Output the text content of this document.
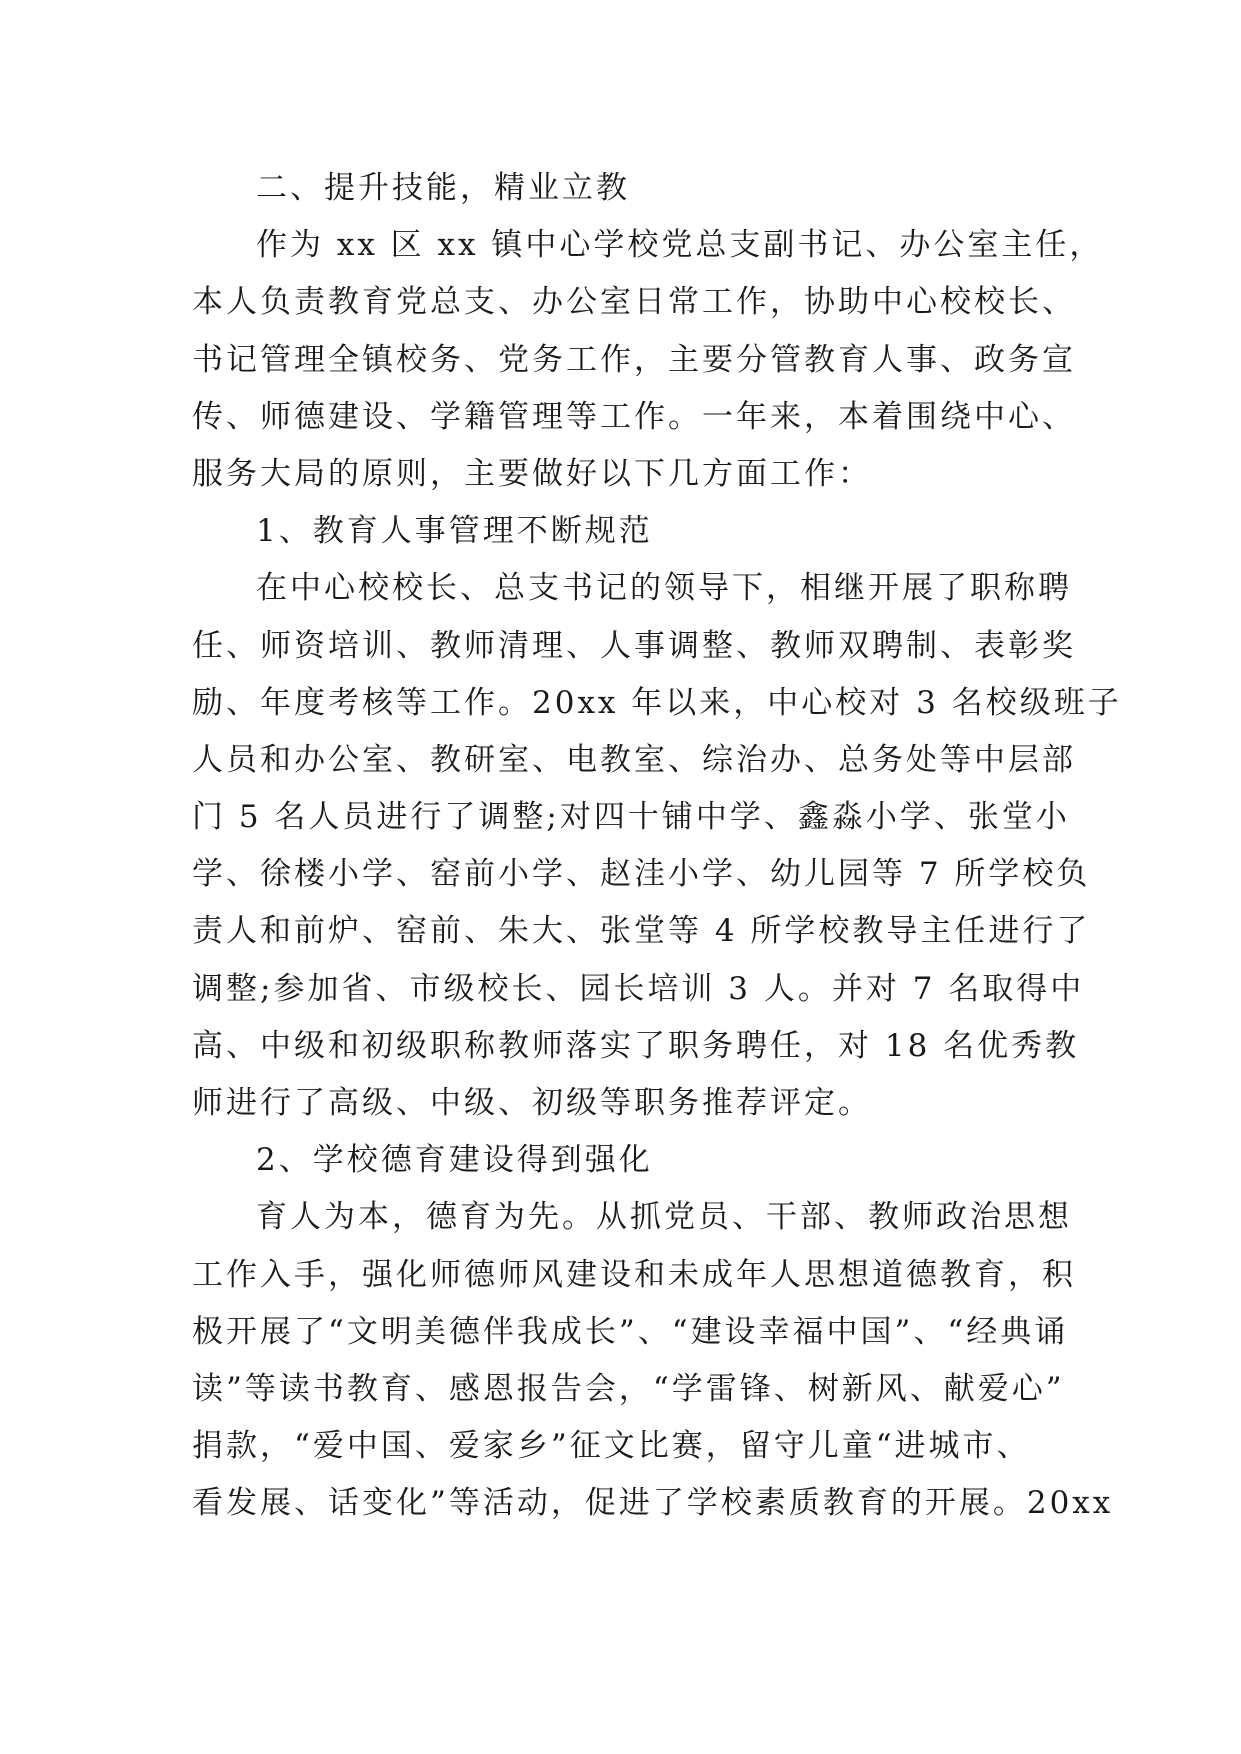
二、提升技能，精业立教
作为 xx 区 xx 镇中心学校党总支副书记、办公室主任，
本人负责教育党总支、办公室日常工作，协助中心校校长、
书记管理全镇校务、党务工作，主要分管教育人事、政务宣
传、师德建设、学籍管理等工作。一年来，本着围绕中心、
服务大局的原则，主要做好以下几方面工作：
1、教育人事管理不断规范
在中心校校长、总支书记的领导下，相继开展了职称聘
任、师资培训、教师清理、人事调整、教师双聘制、表彰奖
励、年度考核等工作。20xx 年以来，中心校对 3 名校级班子
人员和办公室、教研室、电教室、综治办、总务处等中层部
门 5 名人员进行了调整;对四十铺中学、鑫淼小学、张堂小
学、徐楼小学、窑前小学、赵洼小学、幼儿园等 7 所学校负
责人和前炉、窑前、朱大、张堂等 4 所学校教导主任进行了
调整;参加省、市级校长、园长培训 3 人。并对 7 名取得中
高、中级和初级职称教师落实了职务聘任，对 18 名优秀教
师进行了高级、中级、初级等职务推荐评定。
2、学校德育建设得到强化
育人为本，德育为先。从抓党员、干部、教师政治思想
工作入手，强化师德师风建设和未成年人思想道德教育，积
极开展了“文明美德伴我成长”、“建设幸福中国”、“经典诵
读”等读书教育、感恩报告会，“学雷锋、树新风、献爱心”
捐款，“爱中国、爱家乡”征文比赛，留守儿童“进城市、
看发展、话变化”等活动，促进了学校素质教育的开展。20xx
